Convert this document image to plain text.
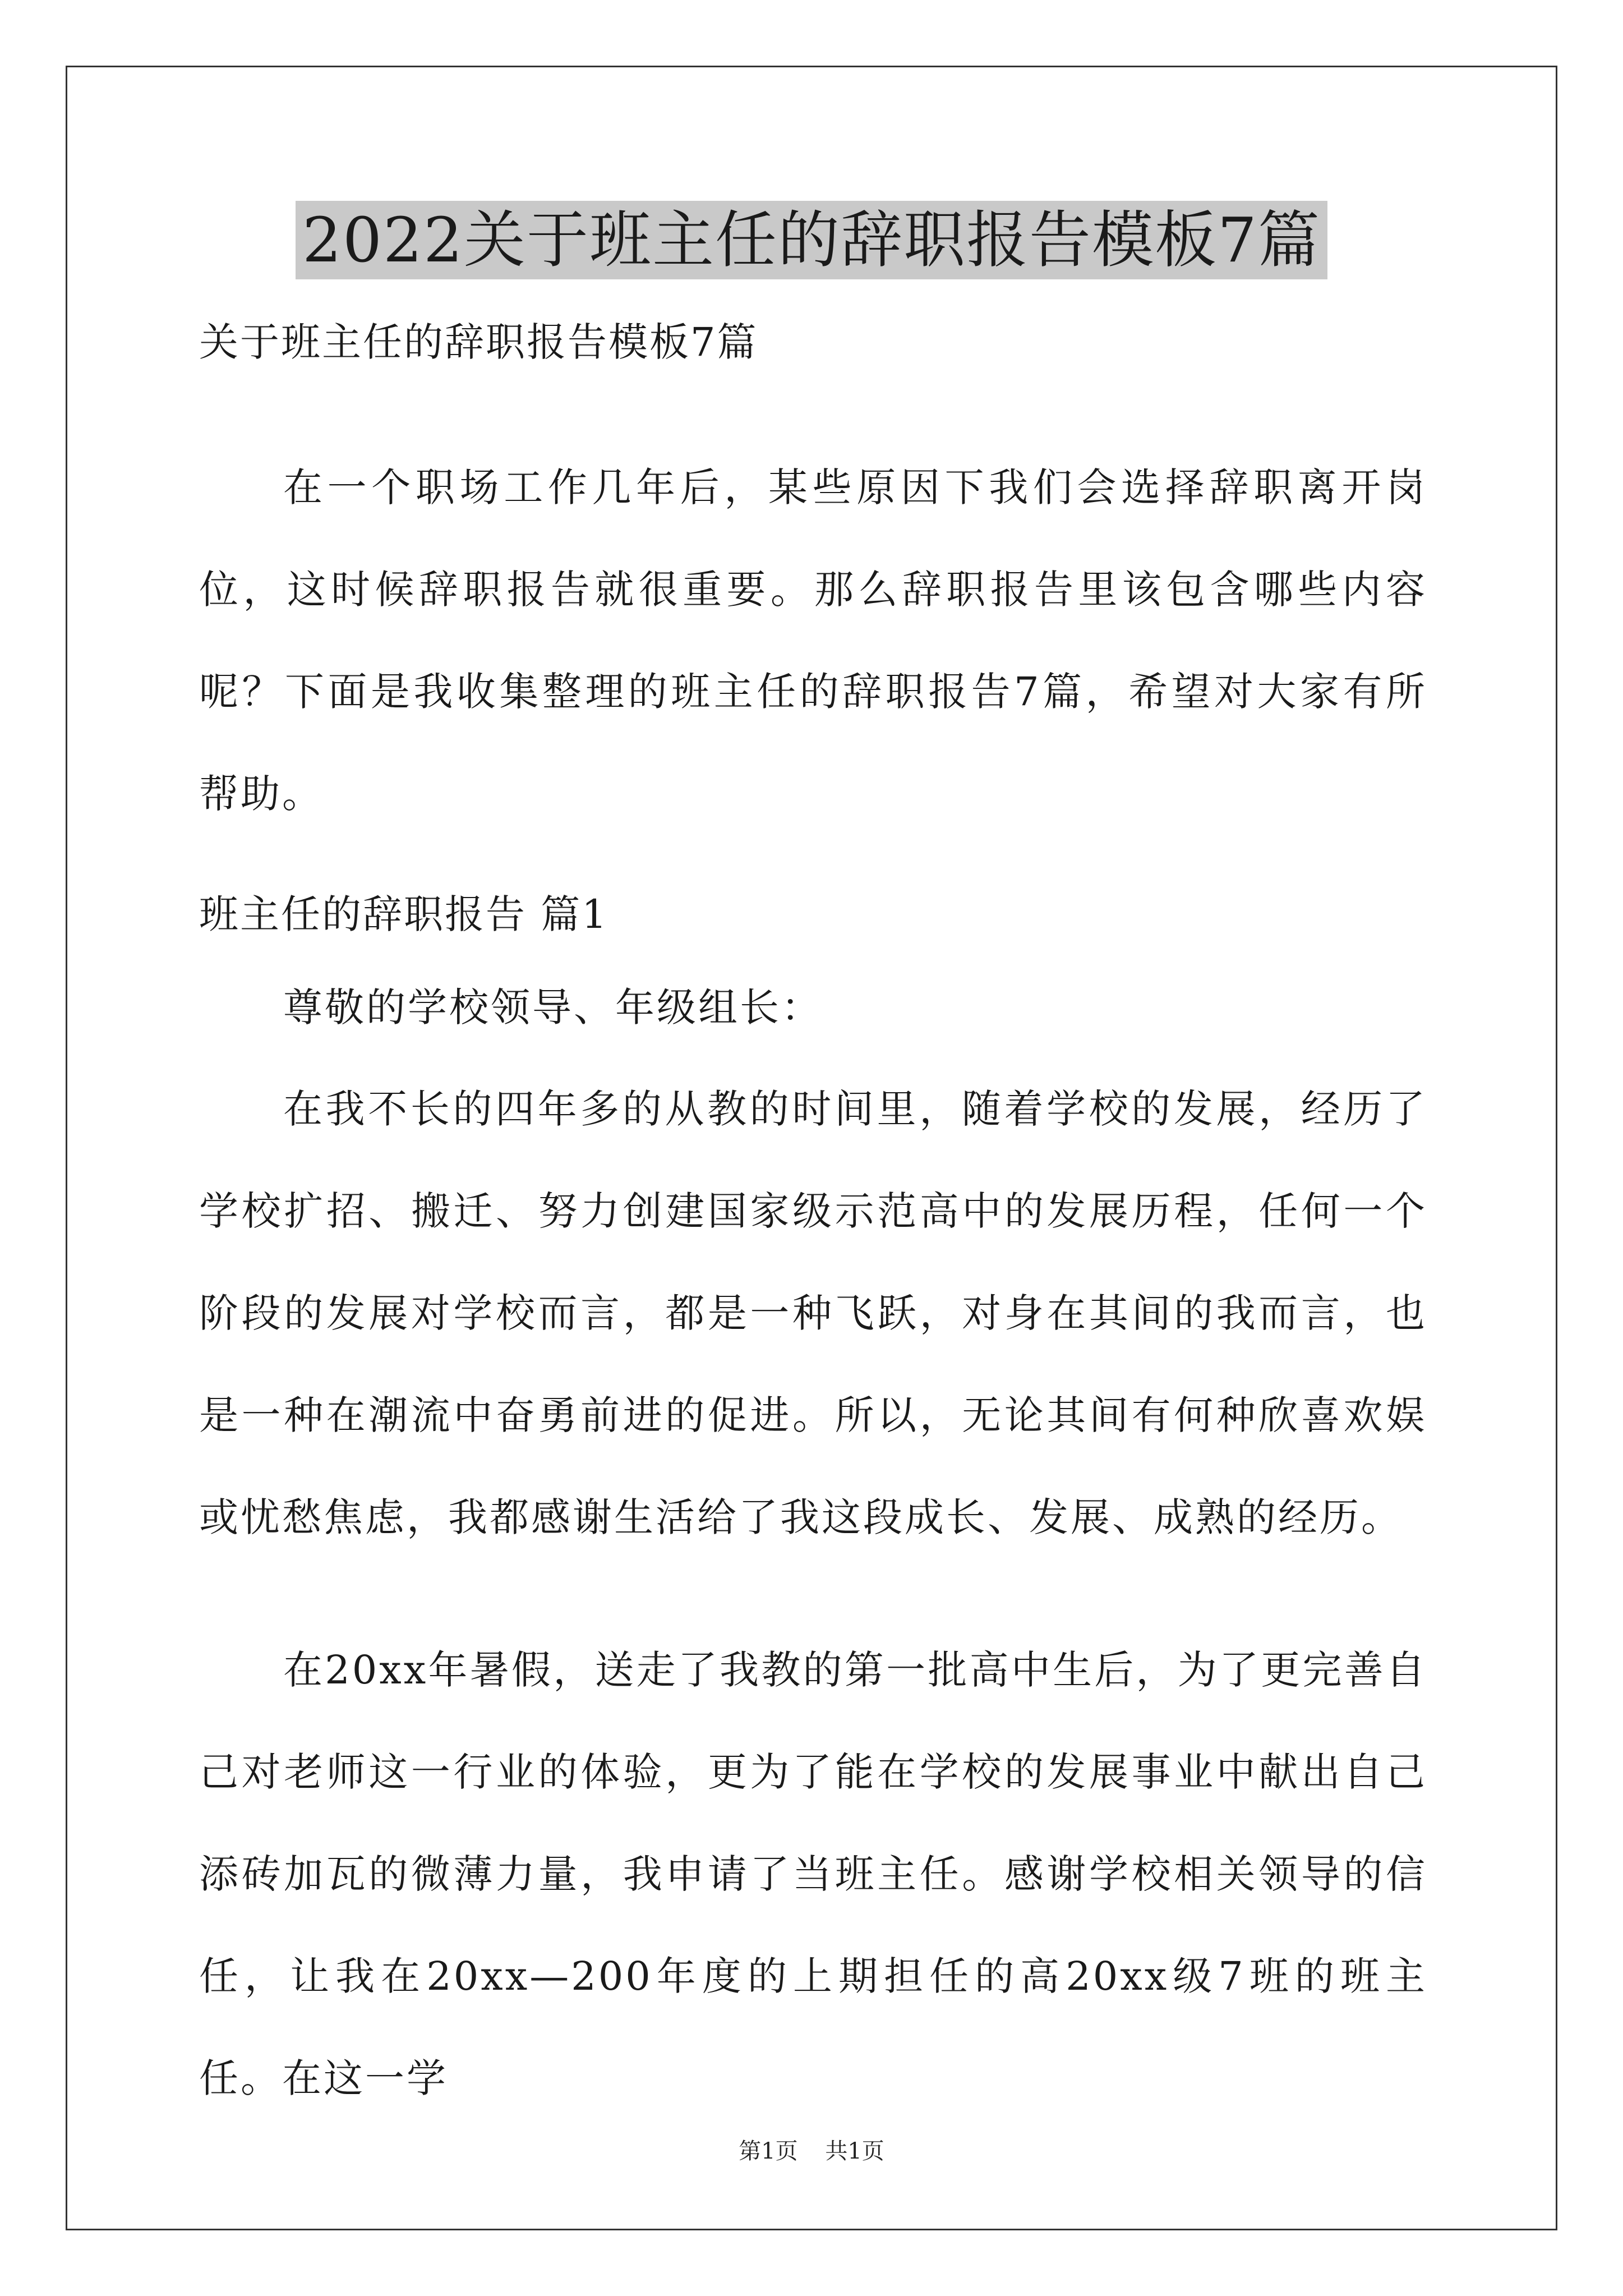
2022关于班主任的辞职报告模板7篇
关于班主任的辞职报告模板7篇
在一个职场工作几年后，某些原因下我们会选择辞职离开岗位，这时候辞职报告就很重要。那么辞职报告里该包含哪些内容呢？下面是我收集整理的班主任的辞职报告7篇，希望对大家有所帮助。
班主任的辞职报告 篇1
尊敬的学校领导、年级组长：
在我不长的四年多的从教的时间里，随着学校的发展，经历了学校扩招、搬迁、努力创建国家级示范高中的发展历程，任何一个阶段的发展对学校而言，都是一种飞跃，对身在其间的我而言，也是一种在潮流中奋勇前进的促进。所以，无论其间有何种欣喜欢娱或忧愁焦虑，我都感谢生活给了我这段成长、发展、成熟的经历。
在20xx年暑假，送走了我教的第一批高中生后，为了更完善自己对老师这一行业的体验，更为了能在学校的发展事业中献出自己添砖加瓦的微薄力量，我申请了当班主任。感谢学校相关领导的信任，让我在20xx—200年度的上期担任的高20xx级7班的班主任。在这一学
第1页 共1页
